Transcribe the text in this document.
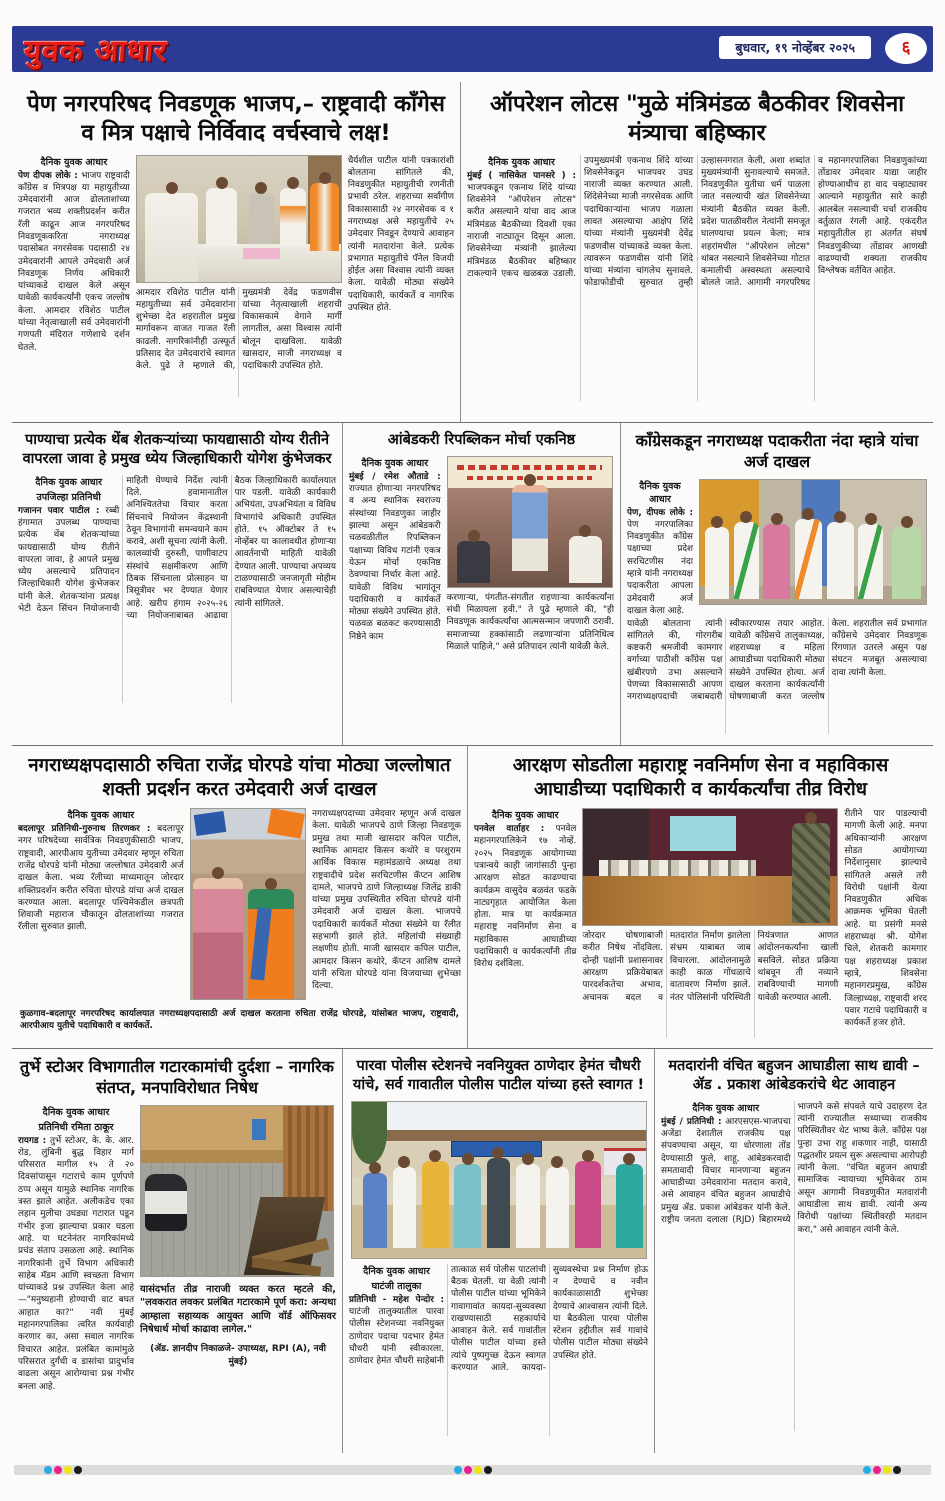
युवक आधार	बुधवार, १९ नोव्हेंबर २०२५	६
पेण नगरपरिषद निवडणूक भाजप,– राष्ट्रवादी काँगेस व मित्र पक्षाचे निर्विवाद वर्चस्वाचे लक्ष!

दैनिक युवक आधार

पेण दीपक लोके : भाजप राष्ट्रवादी काँग्रेस व मित्रपक्ष या महायुतीच्या उमेदवारांनी आज ढोलताशांच्या गजरात भव्य शक्तीप्रदर्शन करीत रॅली काढून आज नगरपरिषद निवडणूककरिता नगराध्यक्ष पदासोबत नगरसेवक पदासाठी २४ उमेदवारांनी आपले उमेदवारी अर्ज निवडणूक निर्णय अधिकारी यांच्याकडे दाखल केले असून यावेळी कार्यकर्त्यांनी एकच जल्लोष केला. आमदार रविशेठ पाटील यांच्या नेतृत्वाखाली सर्व उमेदवारांनी गणपती मंदिरात गणेशाचे दर्शन घेतले.

आमदार रविशेठ पाटील यांनी महायुतीच्या सर्व उमेदवारांना शुभेच्छा देत शहरातील प्रमुख मार्गावरून वाजत गाजत रॅली काढली. नागरिकांनीही उत्स्फूर्त प्रतिसाद देत उमेदवारांचे स्वागत केले. पुढे ते म्हणाले की, मुख्यमंत्री देवेंद्र फडणवीस यांच्या नेतृत्वाखाली शहराची विकासकामे वेगाने मार्गी लागतील, असा विश्वास त्यांनी बोलून दाखविला. यावेळी खासदार, माजी नगराध्यक्ष व पदाधिकारी उपस्थित होते.

धैर्यशील पाटील यांनी पत्रकारांशी बोलताना सांगितले की, निवडणुकीत महायुतीची रणनीती प्रभावी ठरेल. शहराच्या सर्वांगीण विकासासाठी २४ नगरसेवक व १ नगराध्यक्ष असे महायुतीचे २५ उमेदवार निवडून देण्याचे आवाहन त्यांनी मतदारांना केले. प्रत्येक प्रभागात महायुतीचे पॅनेल विजयी होईल असा विश्वास त्यांनी व्यक्त केला. यावेळी मोठ्या संख्येने पदाधिकारी, कार्यकर्ते व नागरिक उपस्थित होते.

ऑपरेशन लोटस "मुळे मंत्रिमंडळ बैठकीवर शिवसेना मंत्र्याचा बहिष्कार

दैनिक युवक आधार

मुंबई ( नासिकेत पानसरे ) : भाजपकडून एकनाथ शिंदे यांच्या शिवसेनेने "ऑपरेशन लोटस" करीत असल्याने यांचा वाद आज मंत्रिमंडळ बैठकीच्या दिवशी एका नाराजी नाट्यातून दिसून आला. शिवसेनेच्या मंत्र्यांनी झालेल्या मंत्रिमंडळ बैठकीवर बहिष्कार टाकल्याने एकच खळबळ उडाली. उपमुख्यमंत्री एकनाथ शिंदे यांच्या शिवसेनेकडून भाजपवर उघड नाराजी व्यक्त करण्यात आली. शिंदेसेनेच्या माजी नगरसेवक आणि पदाधिकाऱ्यांना भाजप गळाला लावत असल्याचा आक्षेप शिंदे यांच्या मंत्र्यांनी मुख्यमंत्री देवेंद्र फडणवीस यांच्याकडे व्यक्त केला. त्यावरून फडणवीस यांनी शिंदे यांच्या मंत्र्यांना चांगलेच सुनावले. फोडाफोडीची सुरुवात तुम्ही उल्हासनगरात केली, अशा शब्दांत मुख्यमंत्र्यांनी सुनावल्याचे समजते. निवडणुकीत युतीचा धर्म पाळला जात नसल्याची खंत शिवसेनेच्या मंत्र्यांनी बैठकीत व्यक्त केली. प्रदेश पातळीवरील नेत्यांनी समजूत घालण्याचा प्रयत्न केला; मात्र शहरांमधील "ऑपरेशन लोटस" थांबत नसल्याने शिवसेनेच्या गोटात कमालीची अस्वस्थता असल्याचे बोलले जाते. आगामी नगरपरिषद व महानगरपालिका निवडणुकांच्या तोंडावर उमेदवार याद्या जाहीर होण्याआधीच हा वाद चव्हाट्यावर आल्याने महायुतीत सारे काही आलबेल नसल्याची चर्चा राजकीय वर्तुळात रंगली आहे. एकंदरीत महायुतीतील हा अंतर्गत संघर्ष निवडणुकीच्या तोंडावर आणखी वाढण्याची शक्यता राजकीय विश्लेषक वर्तवित आहेत.

पाण्याचा प्रत्येक थेंब शेतकऱ्यांच्या फायद्यासाठी योग्य रीतीने वापरला जावा हे प्रमुख ध्येय जिल्हाधिकारी योगेश कुंभेजकर

दैनिक युवक आधार

उपजिल्हा प्रतिनिधी

गजानन पवार पाटील : रब्बी हंगामात उपलब्ध पाण्याचा प्रत्येक थेंब शेतकऱ्यांच्या फायद्यासाठी योग्य रीतीने वापरला जावा, हे आपले प्रमुख ध्येय असल्याचे प्रतिपादन जिल्हाधिकारी योगेश कुंभेजकर यांनी केले. शेतकऱ्यांना प्रत्यक्ष भेटी देऊन सिंचन नियोजनाची माहिती घेण्याचे निर्देश त्यांनी दिले. हवामानातील अनिश्चिततेचा विचार करता सिंचनाचे नियोजन केंद्रस्थानी ठेवून विभागांनी समन्वयाने काम करावे, अशी सूचना त्यांनी केली. कालव्यांची दुरुस्ती, पाणीवाटप संस्थांचे सक्षमीकरण आणि ठिबक सिंचनाला प्रोत्साहन या त्रिसूत्रीवर भर देण्यात येणार आहे. खरीप हंगाम २०२५-२६ च्या नियोजनाबाबत आढावा बैठक जिल्हाधिकारी कार्यालयात पार पडली. यावेळी कार्यकारी अभियंता, उपअभियंता व विविध विभागांचे अधिकारी उपस्थित होते. १५ ऑक्टोबर ते १५ नोव्हेंबर या कालावधीत होणाऱ्या आवर्तनाची माहिती यावेळी देण्यात आली. पाण्याचा अपव्यय टाळण्यासाठी जनजागृती मोहीम राबविण्यात येणार असल्याचेही त्यांनी सांगितले.

आंबेडकरी रिपब्लिकन मोर्चा एकनिष्ठ

दैनिक युवक आधार

मुंबई / रमेश औताडे : राज्यात होणाऱ्या नगरपरिषद व अन्य स्थानिक स्वराज्य संस्थांच्या निवडणुका जाहीर झाल्या असून आंबेडकरी चळवळीतील रिपब्लिकन पक्षाच्या विविध गटांनी एकत्र येऊन मोर्चा एकनिष्ठ ठेवण्याचा निर्धार केला आहे. यावेळी विविध भागांतून पदाधिकारी व कार्यकर्ते मोठ्या संख्येने उपस्थित होते. चळवळ बळकट करण्यासाठी निष्ठेने काम

करणाऱ्या, पंगतीत-संगतीत राहणाऱ्या कार्यकर्त्यांना संधी मिळायला हवी." ते पुढे म्हणाले की, "ही निवडणूक कार्यकर्त्यांचा आत्मसन्मान जपणारी ठरावी. समाजाच्या हक्कांसाठी लढणाऱ्यांना प्रतिनिधित्व मिळाले पाहिजे," असे प्रतिपादन त्यांनी यावेळी केले.

काँग्रेसकडून नगराध्यक्ष पदाकरीता नंदा म्हात्रे यांचा अर्ज दाखल

दैनिक युवक आधार

पेण, दीपक लोके : पेण नगरपालिका निवडणुकीत काँग्रेस पक्षाच्या प्रदेश सरचिटणीस नंदा म्हात्रे यांनी नगराध्यक्ष पदाकरीता आपला उमेदवारी अर्ज दाखल केला आहे.

यावेळी बोलताना त्यांनी सांगितले की, गोरगरीब कष्टकरी श्रमजीवी कामगार वर्गाच्या पाठीशी काँग्रेस पक्ष खंबीरपणे उभा असल्याने पेणच्या विकासासाठी आपण नगराध्यक्षपदाची जबाबदारी स्वीकारण्यास तयार आहोत. यावेळी काँग्रेसचे तालुकाध्यक्ष, शहराध्यक्ष व महिला आघाडीच्या पदाधिकारी मोठ्या संख्येने उपस्थित होत्या. अर्ज दाखल करताना कार्यकर्त्यांनी घोषणाबाजी करत जल्लोष केला. शहरातील सर्व प्रभागांत काँग्रेसचे उमेदवार निवडणूक रिंगणात उतरले असून पक्ष संघटन मजबूत असल्याचा दावा त्यांनी केला.
नगराध्यक्षपदासाठी रुचिता राजेंद्र घोरपडे यांचा मोठ्या जल्लोषात शक्ती प्रदर्शन करत उमेदवारी अर्ज दाखल

दैनिक युवक आधार

बदलापूर प्रतिनिधी-गुरुनाथ तिरणकर : बदलापूर नगर परिषदेच्या सार्वत्रिक निवडणुकीसाठी भाजप, राष्ट्रवादी, आरपीआय युतीच्या उमेदवार म्हणून रुचिता राजेंद्र घोरपडे यांनी मोठ्या जल्लोषात उमेदवारी अर्ज दाखल केला. भव्य रॅलीच्या माध्यमातून जोरदार शक्तिप्रदर्शन करीत रुचिता घोरपडे यांचा अर्ज दाखल करण्यात आला. बदलापूर पश्चिमेकडील छत्रपती शिवाजी महाराज चौकातून ढोलताशांच्या गजरात रॅलीला सुरुवात झाली.

नगराध्यक्षपदाच्या उमेदवार म्हणून अर्ज दाखल केला. यावेळी भाजपचे ठाणे जिल्हा निवडणूक प्रमुख तथा माजी खासदार कपिल पाटील, स्थानिक आमदार किसन कथोरे व परशुराम आर्थिक विकास महामंडळाचे अध्यक्ष तथा राष्ट्रवादीचे प्रदेश सरचिटणीस कॅप्टन आशिष दामले, भाजपचे ठाणे जिल्हाध्यक्ष जिलेंद्र डाकी यांच्या प्रमुख उपस्थितीत रुचिता घोरपडे यांनी उमेदवारी अर्ज दाखल केला. भाजपचे पदाधिकारी कार्यकर्ते मोठ्या संख्येने या रॅलीत सहभागी झाले होते. महिलांची संख्याही लक्षणीय होती. माजी खासदार कपिल पाटील, आमदार किसन कथोरे, कॅप्टन आशिष दामले यांनी रुचिता घोरपडे यांना विजयाच्या शुभेच्छा दिल्या.

कुळगाव-बदलापूर नगरपरिषद कार्यालयात नगराध्यक्षपदासाठी अर्ज दाखल करताना रुचिता राजेंद्र घोरपडे, यांसोबत भाजप, राष्ट्रवादी, आरपीआय युतीचे पदाधिकारी व कार्यकर्ते.

आरक्षण सोडतीला महाराष्ट्र नवनिर्माण सेना व महाविकास आघाडीच्या पदाधिकारी व कार्यकर्त्यांचा तीव्र विरोध

दैनिक युवक आधार

पनवेल वार्ताहर : पनवेल महानगरपालिकेने १७ नोव्हें. २०२५ निवडणूक आयोगाच्या पत्रान्वये काही जागांसाठी पुन्हा आरक्षण सोडत काढण्याचा कार्यक्रम वासुदेव बळवंत फडके नाट्यगृहात आयोजित केला होता. मात्र या कार्यक्रमात महाराष्ट्र नवनिर्माण सेना व महाविकास आघाडीच्या पदाधिकारी व कार्यकर्त्यांनी तीव्र विरोध दर्शविला.

जोरदार घोषणाबाजी करीत निषेध नोंदविला. दोन्ही पक्षांनी प्रशासनावर आरक्षण प्रक्रियेबाबत पारदर्शकतेचा अभाव, अचानक बदल व मतदारांत निर्माण झालेला संभ्रम याबाबत जाब विचारला. आंदोलनामुळे काही काळ गोंधळाचे वातावरण निर्माण झाले. नंतर पोलिसांनी परिस्थिती नियंत्रणात आणत आंदोलनकर्त्यांना खाली बसविले. सोडत प्रक्रिया थांबवून ती नव्याने राबविण्याची मागणी यावेळी करण्यात आली.

रीतीने पार पाडल्याची मागणी केली आहे. मनपा अधिकाऱ्यांनी आरक्षण सोडत आयोगाच्या निर्देशानुसार झाल्याचे सांगितले असले तरी विरोधी पक्षांनी येत्या निवडणुकीत अधिक आक्रमक भूमिका घेतली आहे. या प्रसंगी मनसे शहराध्यक्ष श्री. योगेश चिले, शेतकरी कामगार पक्ष शहराध्यक्ष प्रकाश म्हात्रे, शिवसेना महानगरप्रमुख, काँग्रेस जिल्हाध्यक्ष, राष्ट्रवादी शरद पवार गटाचे पदाधिकारी व कार्यकर्ते हजर होते.

तुर्भे स्टोअर विभागातील गटारकामांची दुर्दशा – नागरिक संतप्त, मनपाविरोधात निषेध

दैनिक युवक आधार

प्रतिनिधी रमिता ठाकूर

रायगड : तुर्भे स्टोअर, के. के. आर. रोड, लुंबिनी बुद्ध विहार मार्ग परिसरात मागील १५ ते २० दिवसांपासून गटाराचे काम पूर्णपणे ठप्प असून यामुळे स्थानिक नागरिक त्रस्त झाले आहेत. अलीकडेच एका लहान मुलीचा उघड्या गटारात पडून गंभीर इजा झाल्याचा प्रकार घडला आहे. या घटनेनंतर नागरिकांमध्ये प्रचंड संताप उसळला आहे. स्थानिक नागरिकांनी तुर्भे विभाग अधिकारी साहेब मॅडम आणि स्वच्छता विभाग यांच्याकडे प्रश्न उपस्थित केला आहे—"मनुष्यहानी होण्याची वाट बघत आहात का?" नवी मुंबई महानगरपालिका त्वरित कार्यवाही करणार का, असा सवाल नागरिक विचारत आहेत. प्रलंबित कामांमुळे परिसरात दुर्गंधी व डासांचा प्रादुर्भाव वाढला असून आरोग्याचा प्रश्न गंभीर बनला आहे.

यासंदर्भात तीव्र नाराजी व्यक्त करत म्हटले की, "लवकरात लवकर प्रलंबित गटारकामे पूर्ण करा: अन्यथा आम्हाला सहाय्यक आयुक्त आणि वॉर्ड ऑफिसवर निषेधार्थ मोर्चा काढावा लागेल."

(ॲड. ज्ञानदीप निकाळजे- उपाध्यक्ष, RPI (A), नवी मुंबई)

पारवा पोलीस स्टेशनचे नवनियुक्त ठाणेदार हेमंत चौधरी यांचे, सर्व गावातील पोलीस पाटील यांच्या हस्ते स्वागत !

दैनिक युवक आधार

घाटंजी तालुका

प्रतिनिधी - महेश पेन्दोर : घाटंजी तालुक्यातील पारवा पोलीस स्टेशनच्या नवनियुक्त ठाणेदार पदाचा पदभार हेमंत चौधरी यांनी स्वीकारला. ठाणेदार हेमंत चौधरी साहेबांनी तात्काळ सर्व पोलीस पाटलांची बैठक घेतली. या वेळी त्यांनी पोलीस पाटील यांच्या भूमिकेने गावागावांत कायदा-सुव्यवस्था राखण्यासाठी सहकार्याचे आवाहन केले. सर्व गावांतील पोलीस पाटील यांच्या हस्ते त्यांचे पुष्पगुच्छ देऊन स्वागत करण्यात आले. कायदा-सुव्यवस्थेचा प्रश्न निर्माण होऊ न देण्याचे व नवीन कार्यकाळासाठी शुभेच्छा देण्याचे आश्वासन त्यांनी दिले. या बैठकीला पारवा पोलीस स्टेशन हद्दीतील सर्व गावांचे पोलीस पाटील मोठ्या संख्येने उपस्थित होते.

मतदारांनी वंचित बहुजन आघाडीला साथ द्यावी – ॲड . प्रकाश आंबेडकरांचे थेट आवाहन

दैनिक युवक आधार

मुंबई / प्रतिनिधी : आरएसएस-भाजपचा अजेंडा देशातील राजकीय पक्ष संपवण्याचा असून, या धोरणाला तोंड देण्यासाठी फुले, शाहू, आंबेडकरवादी समतावादी विचार मानणाऱ्या बहुजन आघाडीच्या उमेदवारांना मतदान करावे, असे आवाहन वंचित बहुजन आघाडीचे प्रमुख ॲड. प्रकाश आंबेडकर यांनी केले. राष्ट्रीय जनता दलाला (RJD) बिहारमध्ये भाजपने कसे संपवले याचे उदाहरण देत त्यांनी राज्यातील सध्याच्या राजकीय परिस्थितीवर थेट भाष्य केले. काँग्रेस पक्ष पुन्हा उभा राहू शकणार नाही, यासाठी पद्धतशीर प्रयत्न सुरू असल्याचा आरोपही त्यांनी केला. "वंचित बहुजन आघाडी सामाजिक न्यायाच्या भूमिकेवर ठाम असून आगामी निवडणुकीत मतदारांनी आघाडीला साथ द्यावी. त्यांनी अन्य विरोधी पक्षांच्या स्थितीवरही मतदान करा," असे आवाहन त्यांनी केले.
